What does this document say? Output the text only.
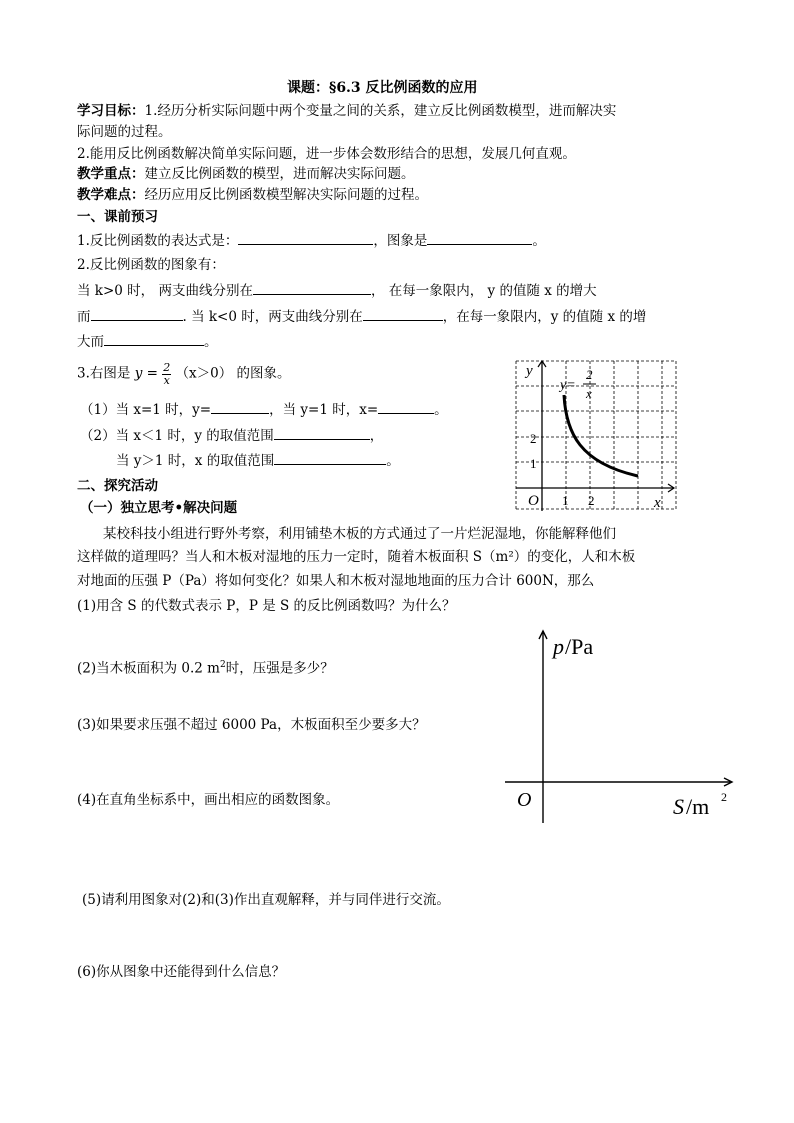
课题：§6.3 反比例函数的应用
学习目标：1.经历分析实际问题中两个变量之间的关系，建立反比例函数模型，进而解决实
际问题的过程。
2.能用反比例函数解决简单实际问题，进一步体会数形结合的思想，发展几何直观。
教学重点：建立反比例函数的模型，进而解决实际问题。
教学难点：经历应用反比例函数模型解决实际问题的过程。
一、课前预习
1.反比例函数的表达式是：	，图象是	。
2.反比例函数的图象有：
当 k>0 时， 两支曲线分别在	， 在每一象限内， y 的值随 x 的增大
而	. 当 k<0 时，两支曲线分别在	，在每一象限内，y 的值随 x 的增
大而	。
3.右图是 $y = \frac{2}{x} (x>0)$ 的图象。
（1）当 x=1 时，y=	，当 y=1 时，x=	。
（2）当 x＜1 时，y 的取值范围	，
当 y＞1 时，x 的取值范围	。
y
x
O 1 2
1
2
y=
2
x
二、探究活动
（一）独立思考•解决问题
某校科技小组进行野外考察，利用铺垫木板的方式通过了一片烂泥湿地，你能解释他们
这样做的道理吗？当人和木板对湿地的压力一定时，随着木板面积 S（m²）的变化，人和木板
对地面的压强 P（Pa）将如何变化？如果人和木板对湿地地面的压力合计 600N，那么
(1)用含 S 的代数式表示 P，P 是 S 的反比例函数吗？为什么？
(2)当木板面积为 0.2 $m^2$时，压强是多少？
(3)如果要求压强不超过 6000 Pa，木板面积至少要多大？
(4)在直角坐标系中，画出相应的函数图象。
(5)请利用图象对(2)和(3)作出直观解释，并与同伴进行交流。
(6)你从图象中还能得到什么信息？
p /Pa
O	S /m 2
